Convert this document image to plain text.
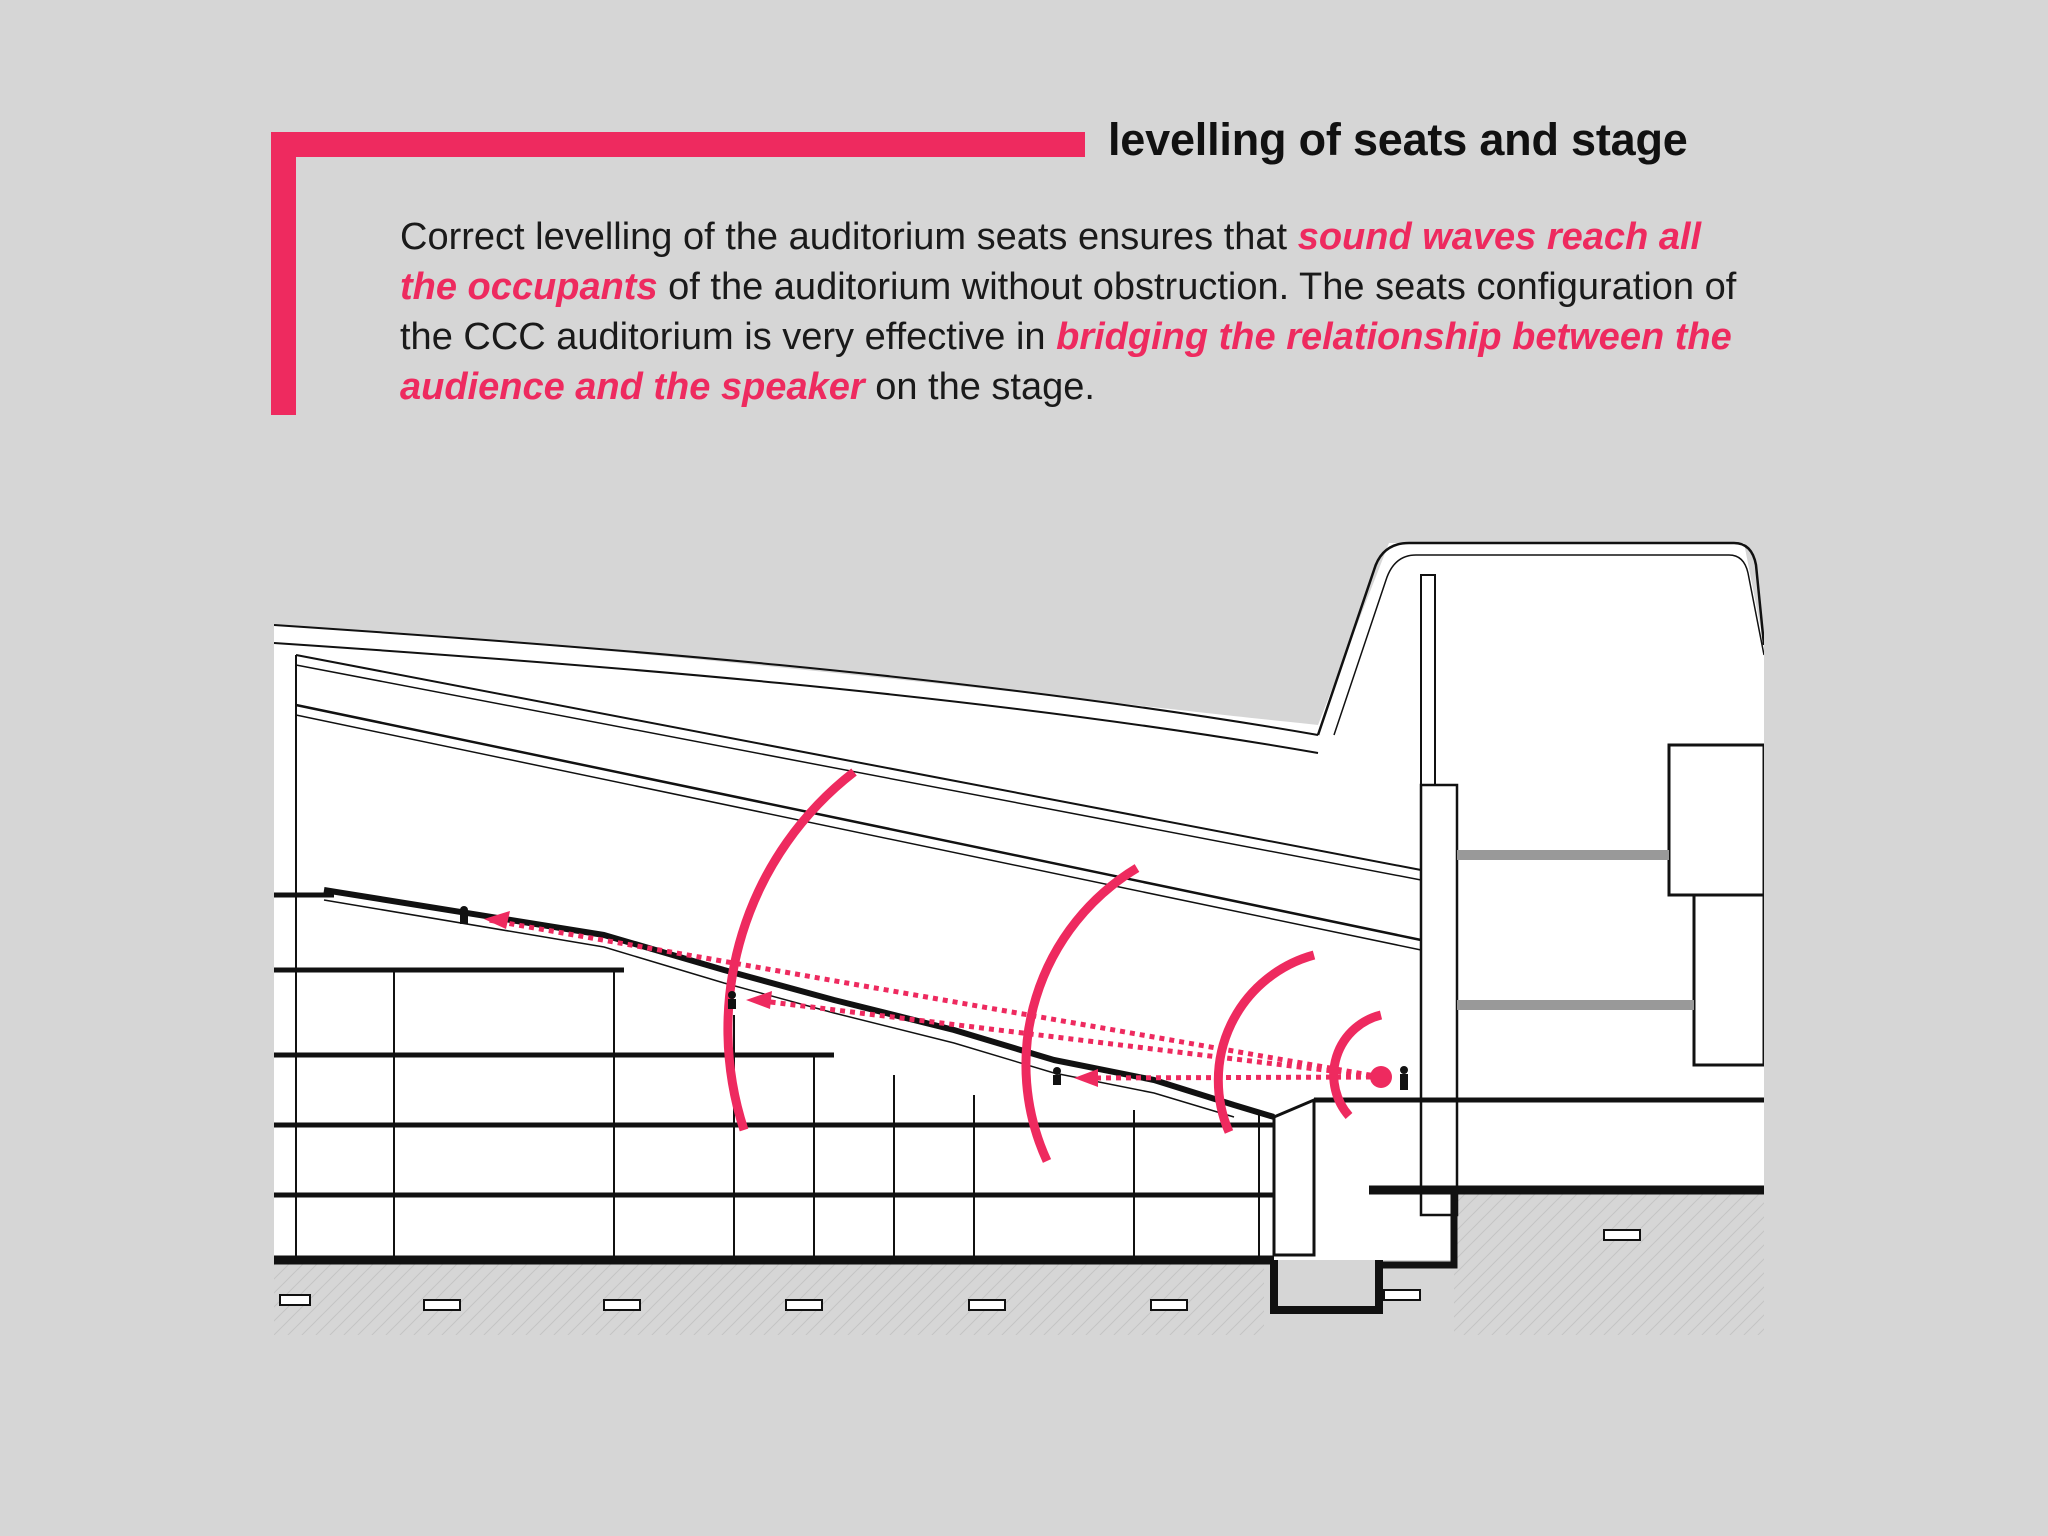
levelling of seats and stage
Correct levelling of the auditorium seats ensures that sound waves reach all the occupants of the auditorium without obstruction. The seats configuration of the CCC auditorium is very effective in bridging the relationship between the audience and the speaker on the stage.
